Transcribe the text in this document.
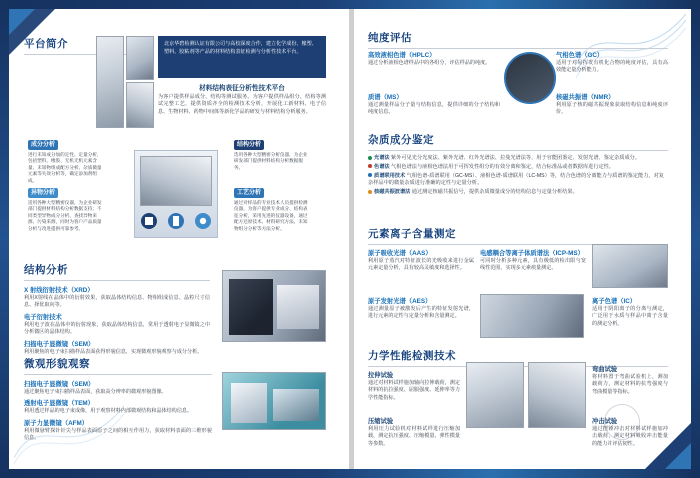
平台简介	北京华碧检测认证有限公司与高校深度合作，建立化学成份、橡塑、塑料、胶粘剂等产品的材料结构表征检测与分析性技术平台。
材料结构表征分析性技术平台
为客户提供样品成分、结构等测试服务。为客户提供样品组分、结构等测试完整工艺，提供资质齐全的检测技术分析，开展化工新材料、电子信息、生物材料、药物中间体等新化学品的研发与材料结构分析服务。
成分分析
进行未知成分加的定性、定量分析，包括塑料、橡胶、无机无机元素含量、未知物组成配方分析、杂质微量元素等失效分析等，确定添加剂组成。
结构分析
选用各种大型精密分析仪器，为企业研发部门提供材料结构分析数据服务。
异物分析
适用各种大型精密仪器，为企业研发部门提供材料结构分析数据支持；不同类型异物成分分析，查找异物来源、污染来源，同时为客户产品质量分析与改进提供可靠参考。
工艺分析
通过对样品的专业技术人员提供检测仪器，为客户提供专业成分、结构表征分析，采用先进的仪器设备，通过配方还原技术、材料研究方法、未知物组分分析等方法分析。
结构分析
X 射线衍射技术（XRD）
利用X射线在晶体中的衍射效果，获取晶体结构信息、物相组成信息、晶粒尺寸信息、择优取向等。
电子衍射技术
利用电子波在晶体中的衍射现象，获取晶体结构信息，常用于透射电子显微镜之中分析微区的晶体结构。
扫描电子显微镜（SEM）
利用聚焦的电子束扫描样品表面获得形貌信息，实现微观形貌观察与成分分析。
微观形貌观察
扫描电子显微镜（SEM）
通过聚焦电子束扫描样品表面，获取高分辨率的微观形貌图像。
透射电子显微镜（TEM）
利用透过样品的电子束成像，用于观察材料内部微观结构和晶体结构信息。
原子力显微镜（AFM）
利用微悬臂探针针尖与样品表面原子之间的相互作用力，获取材料表面的三维形貌信息。
纯度评估
高效液相色谱（HPLC）
通过分析液相色谱样品中的各组分，评估样品的纯度。
气相色谱（GC）
适用于对易挥发有机化合物的纯度评估，具有高效能定量分析能力。
质谱（MS）
通过测量样品分子量与结构信息，提供详细的分子结构和纯度信息。
核磁共振谱（NMR）
利用原子核的磁共振现象获取结构信息和纯度评价。
杂质成分鉴定
光谱法 紫外可见光分光度法、紫外光谱、红外光谱法、拉曼光谱法等，用于官能团鉴定、发射光谱、鉴定杂质成分。
色谱法 气相色谱法与液相色谱法用于可挥发性组分的有效分离和鉴定，结合标准品或者数据库进行定性。
质谱联用技术 气相色谱-质谱联用（GC-MS）、液相色谱-质谱联用（LC-MS）等，结合色谱的分离能力与质谱的鉴定能力，对复杂样品中的微量杂质进行准确的定性与定量分析。
核磁共振波谱法 通过测定核磁共振信号，提供杂质微量成分的结构信息与定量分析结果。
元素离子含量测定
原子吸收光谱（AAS）
利用原子蒸汽对特征波长的光吸收来进行金属元素定量分析，具有较高灵敏度和选择性。
电感耦合等离子体质谱法（ICP-MS）
可同时分析多种元素，具有极低的检出限与宽线性范围，实现多元素痕量测定。
原子发射光谱（AES）
通过测量原子被激发后产生的特征发射光谱，进行元素的定性与定量分析和含量测定。
离子色谱（IC）
适用于阴阳离子的分离与测定，广泛用于水质与样品中离子含量的测定分析。
力学性能检测技术
拉伸试验
通过对材料试样施加轴向拉伸载荷，测定材料的抗拉强度、屈服强度、延伸率等力学性能指标。
弯曲试验
将材料置于弯曲试验机上，测加载荷力，测定材料的抗弯强度与弯曲模量等指标。
压缩试验
利用压力试验机对材料试样进行压缩加载，测定抗压强度、压缩模量、弹性模量等参数。
冲击试验
通过摆锤冲击对材料试样施加冲击载荷，测定材料吸收冲击能量的能力并评估韧性。
